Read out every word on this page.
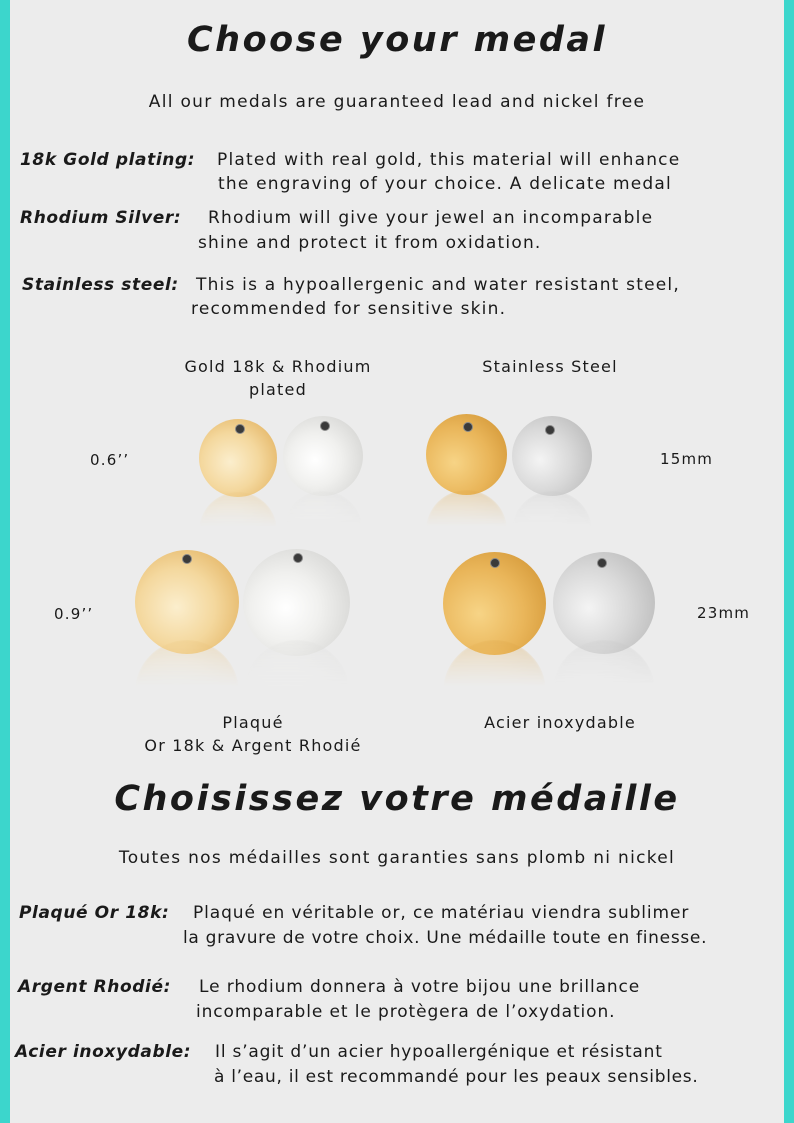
Choose your medal
All our medals are guaranteed lead and nickel free
18k Gold plating: Plated with real gold, this material will enhance
the engraving of your choice. A delicate medal
Rhodium Silver: Rhodium will give your jewel an incomparable
shine and protect it from oxidation.
Stainless steel: This is a hypoallergenic and water resistant steel,
recommended for sensitive skin.
Gold 18k & Rhodium
plated
Stainless Steel
0.6’’	15mm
0.9’’	23mm
Plaqué
Or 18k & Argent Rhodié
Acier inoxydable
Choisissez votre médaille
Toutes nos médailles sont garanties sans plomb ni nickel
Plaqué Or 18k: Plaqué en véritable or, ce matériau viendra sublimer
la gravure de votre choix. Une médaille toute en finesse.
Argent Rhodié: Le rhodium donnera à votre bijou une brillance
incomparable et le protègera de l’oxydation.
Acier inoxydable: Il s’agit d’un acier hypoallergénique et résistant
à l’eau, il est recommandé pour les peaux sensibles.
